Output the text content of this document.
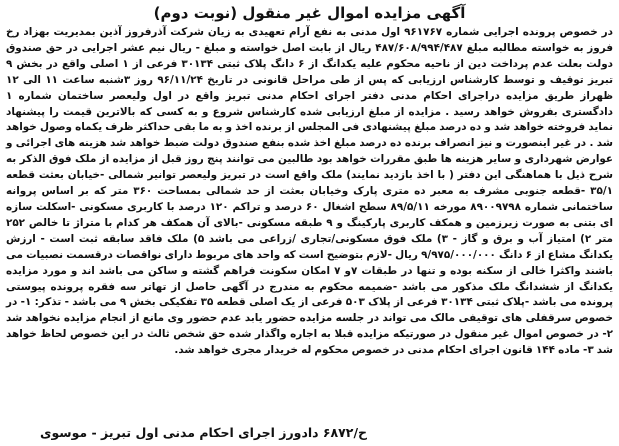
آگهی مزایده اموال غیر منقول (نوبت دوم)

در خصوص پرونده اجرایی شماره ۹۶۱۷۶۷ اول مدنی به نفع آرام تعهیدی به زیان شرکت آذرفروز آذین بمدیریت بهزاد رخ فروز به خواسته مطالبه مبلغ ۴۸۷/۶۰۸/۹۹۴/۴۸۷ ریال از بابت اصل خواسته و مبلغ - ریال نیم عشر اجرایی در حق صندوق دولت بعلت عدم پرداخت دین از ناحیه محکوم علیه یکدانگ از ۶ دانگ پلاک ثبتی ۳۰۱۳۴ فرعی از ۱ اصلی واقع در بخش ۹ تبریز توقیف و توسط کارشناس ارزیابی که پس از طی مراحل قانونی در تاریخ ۹۶/۱۱/۲۴ روز ۳شنبه ساعت ۱۱ الی ۱۲ ظهراز طریق مزایده دراجرای احکام مدنی دفتر اجرای احکام مدنی تبریز واقع در اول ولیعصر ساختمان شماره ۱ دادگستری بفروش خواهد رسید . مزایده از مبلغ ارزیابی شده کارشناس شروع و به کسی که بالاترین قیمت را پیشنهاد نماید فروخته خواهد شد و ده درصد مبلغ پیشنهادی فی المجلس از برنده اخذ و به ما بقی حداکثر ظرف یکماه وصول خواهد شد . در غیر اینصورت و نیز انصراف برنده ده درصد مبلغ اخذ شده بنفع صندوق دولت ضبط خواهد شد هزینه های اجرائی و عوارض شهرداری و سایر هزینه ها طبق مقررات خواهد بود طالبین می توانند پنج روز قبل از مزایده از ملک فوق الذکر به شرح ذیل با هماهنگی این دفتر ( با اخذ بازدید نمایند) ملک واقع است در تبریز ولیعصر توانیر شمالی -خیابان بعثت قطعه ۳۵/۱ -قطعه جنوبی مشرف به معبر ده متری پارک وخیابان بعثت از حد شمالی بمساحت ۳۶۰ متر که بر اساس پروانه ساختمانی شماره ۸۹۰۰۹۷۹۸ مورخه ۸۹/۵/۱۱ سطح اشغال ۶۰ درصد و تراکم ۱۲۰ درصد با کاربری مسکونی -اسکلت سازه ای بتنی به صورت زیرزمین و همکف کاربری پارکینگ و ۹ طبقه مسکونی -بالای آن همکف هر کدام با متراژ تا خالص ۲۵۲ متر ۲) امتیاز آب و برق و گاز - ۳) ملک فوق مسکونی/تجاری /زراعی می باشد ۵) ملک فاقد سابقه ثبت است - ارزش یکدانگ مشاع از ۶ دانگ ۹/۹۷۵/۰۰۰/۰۰۰ ریال -لازم بتوضیح است که واحد های مربوط دارای نواقصات درقسمت نصبیات می باشند واکثرا خالی از سکنه بوده و تنها در طبقات ۷و ۷ امکان سکونت فراهم گشته و ساکن می باشد اند و مورد مزایده یکدانگ از ششدانگ ملک مذکور می باشد -ضمیمه محکوم به مندرج در آگهی حاصل از تهاتر سه فقره پرونده پیوستی پرونده می باشد -پلاک ثبتی ۳۰۱۳۴ فرعی از پلاک ۵۰۳ فرعی از یک اصلی قطعه ۳۵ تفکیکی بخش ۹ می باشد - تذکر: ۱- در خصوص سرقفلی های توقیفی مالک می تواند در جلسه مزایده حضور یابد عدم حضور وی مانع از انجام مزایده نخواهد شد ۲- در خصوص اموال غیر منقول در صورتیکه مزایده قبلا به اجاره واگذار شده حق شخص ثالث در این خصوص لحاظ خواهد شد ۳- ماده ۱۴۴ قانون اجرای احکام مدنی در خصوص محکوم له خریدار مجری خواهد شد.

ح/۶۸۷۲ دادورز اجرای احکام مدنی اول تبریز - موسوی
